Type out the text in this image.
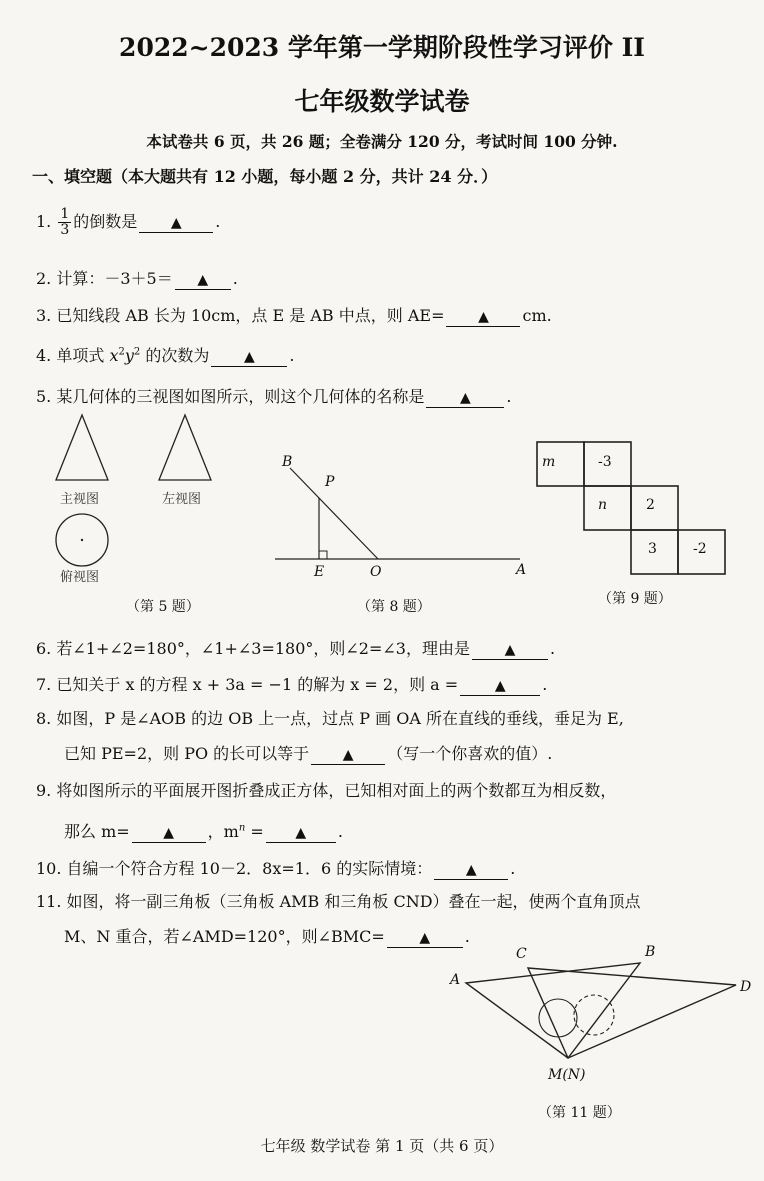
2022~2023 学年第一学期阶段性学习评价 II
七年级数学试卷
本试卷共 6 页，共 26 题；全卷满分 120 分，考试时间 100 分钟.
一、填空题（本大题共有 12 小题，每小题 2 分，共计 24 分．）
1. $\frac{1}{3}$ 的倒数是 ▲ .
2. 计算：－3＋5＝ ▲ .
3. 已知线段 AB 长为 10cm，点 E 是 AB 中点，则 AE= ▲ cm.
4. 单项式 $x^2y^2$ 的次数为 ▲ .
5. 某几何体的三视图如图所示，则这个几何体的名称是	▲ .
主视图	左视图
俯视图
（第 5 题）
B
P
E	O	A
（第 8 题）
m	-3
n	2
3	-2
（第 9 题）
6. 若∠1+∠2=180°，∠1+∠3=180°，则∠2=∠3，理由是 ▲ .
7. 已知关于 x 的方程 x + 3a = −1 的解为 x = 2，则 a =	▲ .
8. 如图，P 是∠AOB 的边 OB 上一点，过点 P 画 OA 所在直线的垂线，垂足为 E,
已知 PE=2，则 PO 的长可以等于 ▲ （写一个你喜欢的值）.
9. 将如图所示的平面展开图折叠成正方体，已知相对面上的两个数都互为相反数，
那么 m= ▲ ，$m^n$ = ▲ .
10. 自编一个符合方程 10－2．8x=1．6 的实际情境： ▲ .
11. 如图，将一副三角板（三角板 AMB 和三角板 CND）叠在一起，使两个直角顶点
M、N 重合，若∠AMD=120°，则∠BMC= ▲ .
A
C	B
D
M(N)
（第 11 题）
七年级 数学试卷 第 1 页（共 6 页）
